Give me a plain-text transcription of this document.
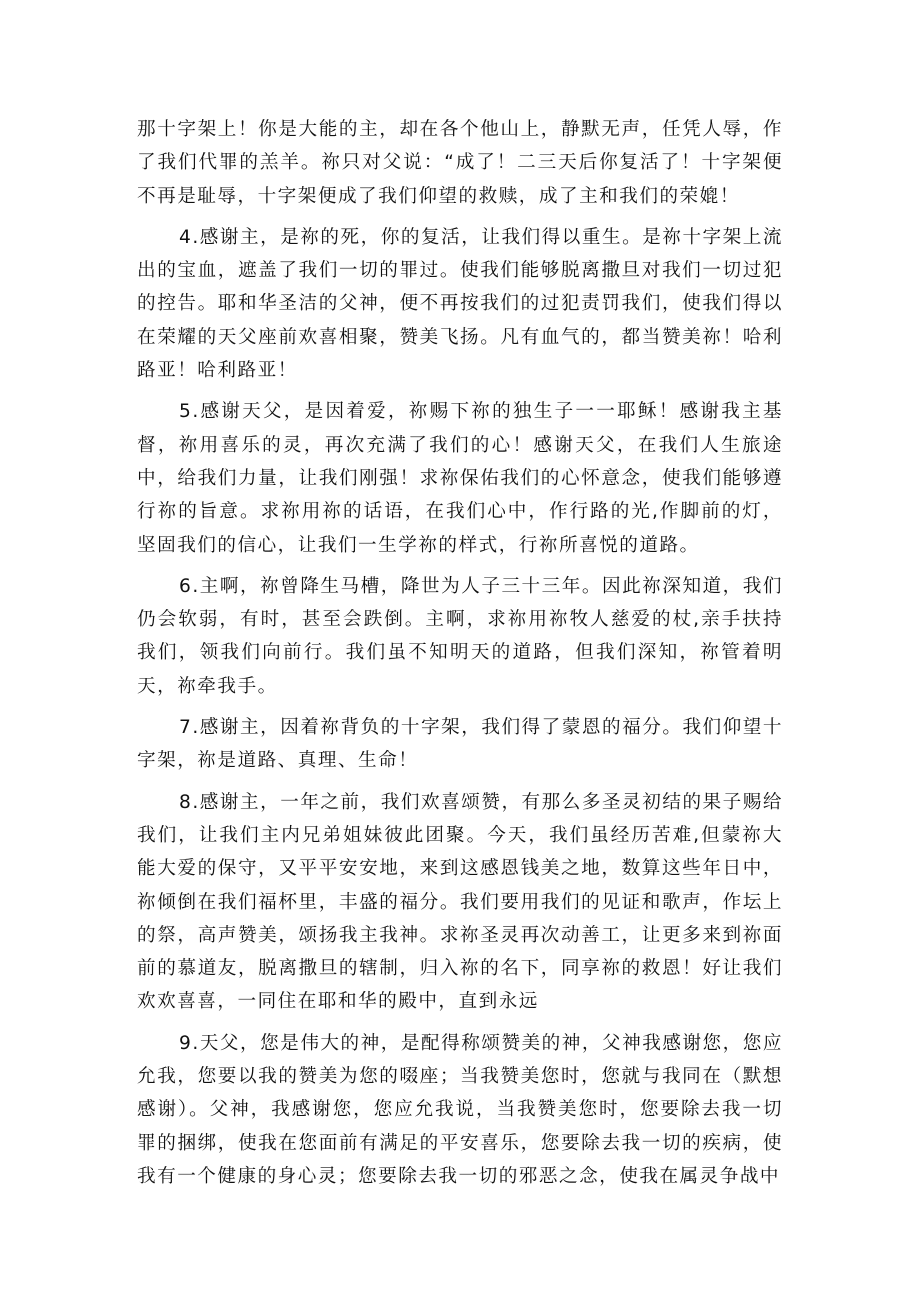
那十字架上！你是大能的主，却在各个他山上，静默无声，任凭人辱，作了我们代罪的羔羊。祢只对父说：“成了！二三天后你复活了！十字架便不再是耻辱，十字架便成了我们仰望的救赎，成了主和我们的荣媲！

4.感谢主，是祢的死，你的复活，让我们得以重生。是祢十字架上流出的宝血，遮盖了我们一切的罪过。使我们能够脱离撒旦对我们一切过犯的控告。耶和华圣洁的父神，便不再按我们的过犯责罚我们，使我们得以在荣耀的天父座前欢喜相聚，赞美飞扬。凡有血气的，都当赞美祢！哈利路亚！哈利路亚！

5.感谢天父，是因着爱，祢赐下祢的独生子一一耶稣！感谢我主基督，祢用喜乐的灵，再次充满了我们的心！感谢天父，在我们人生旅途中，给我们力量，让我们刚强！求祢保佑我们的心怀意念，使我们能够遵行祢的旨意。求祢用祢的话语，在我们心中，作行路的光,作脚前的灯，坚固我们的信心，让我们一生学祢的样式，行祢所喜悦的道路。

6.主啊，祢曾降生马槽，降世为人子三十三年。因此祢深知道，我们仍会软弱，有时，甚至会跌倒。主啊，求祢用祢牧人慈爱的杖,亲手扶持我们，领我们向前行。我们虽不知明天的道路，但我们深知，祢管着明天，祢牵我手。

7.感谢主，因着祢背负的十字架，我们得了蒙恩的福分。我们仰望十字架，祢是道路、真理、生命！

8.感谢主，一年之前，我们欢喜颂赞，有那么多圣灵初结的果子赐给我们，让我们主内兄弟姐妹彼此团聚。今天，我们虽经历苦难,但蒙祢大能大爱的保守，又平平安安地，来到这感恩钱美之地，数算这些年日中，祢倾倒在我们福杯里，丰盛的福分。我们要用我们的见证和歌声，作坛上的祭，高声赞美，颂扬我主我神。求祢圣灵再次动善工，让更多来到祢面前的慕道友，脱离撒旦的辖制，归入祢的名下，同享祢的救恩！好让我们欢欢喜喜，一同住在耶和华的殿中，直到永远

9.天父，您是伟大的神，是配得称颂赞美的神，父神我感谢您，您应允我，您要以我的赞美为您的啜座；当我赞美您时，您就与我同在（默想感谢）。父神，我感谢您，您应允我说，当我赞美您时，您要除去我一切罪的捆绑，使我在您面前有满足的平安喜乐，您要除去我一切的疾病，使我有一个健康的身心灵；您要除去我一切的邪恶之念，使我在属灵争战中
